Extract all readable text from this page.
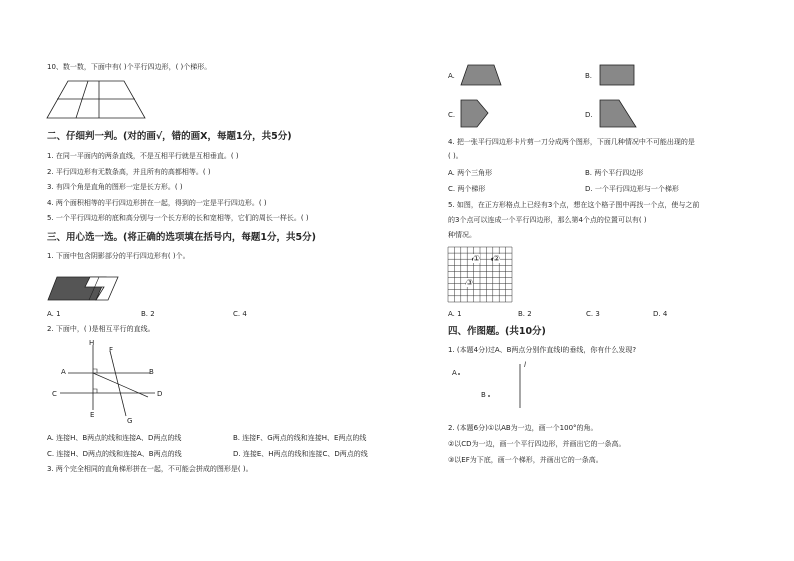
10、数一数，下面中有( )个平行四边形，( )个梯形。
二、仔细判一判。(对的画√，错的画X，每题1分，共5分)
1. 在同一平面内的两条直线，不是互相平行就是互相垂直。( )
2. 平行四边形有无数条高，并且所有的高都相等。( )
3. 有四个角是直角的图形一定是长方形。( )
4. 两个面积相等的平行四边形拼在一起，得到的一定是平行四边形。( )
5. 一个平行四边形的底和高分别与一个长方形的长和宽相等，它们的周长一样长。( )
三、用心选一选。(将正确的选项填在括号内，每题1分，共5分)
1. 下面中包含阴影部分的平行四边形有( )个。
A. 1	B. 2	C. 4
2. 下面中，( )是相互平行的直线。
H
F
A	B
C	D
E
G
A. 连接H、B两点的线和连接A、D两点的线	B. 连接F、G两点的线和连接H、E两点的线
C. 连接H、D两点的线和连接A、B两点的线	D. 连接E、H两点的线和连接C、D两点的线
3. 两个完全相同的直角梯形拼在一起，不可能会拼成的图形是( )。
A.	B.
C.	D.
4. 把一张平行四边形卡片剪一刀分成两个图形，下面几种情况中不可能出现的是
( )。
A. 两个三角形	B. 两个平行四边形
C. 两个梯形	D. 一个平行四边形与一个梯形
5. 如图，在正方形格点上已经有3个点，想在这个格子图中再找一个点，使与之前
的3个点可以连成一个平行四边形，那么第4个点的位置可以有( )
种情况。
① ②
③
A. 1	B. 2	C. 3	D. 4
四、作图题。(共10分)
1. (本题4分)过A、B两点分别作直线l的垂线，你有什么发现?
A
B
l
2. (本题6分)①以AB为一边，画一个100°的角。
②以CD为一边，画一个平行四边形，并画出它的一条高。
③以EF为下底，画一个梯形，并画出它的一条高。
